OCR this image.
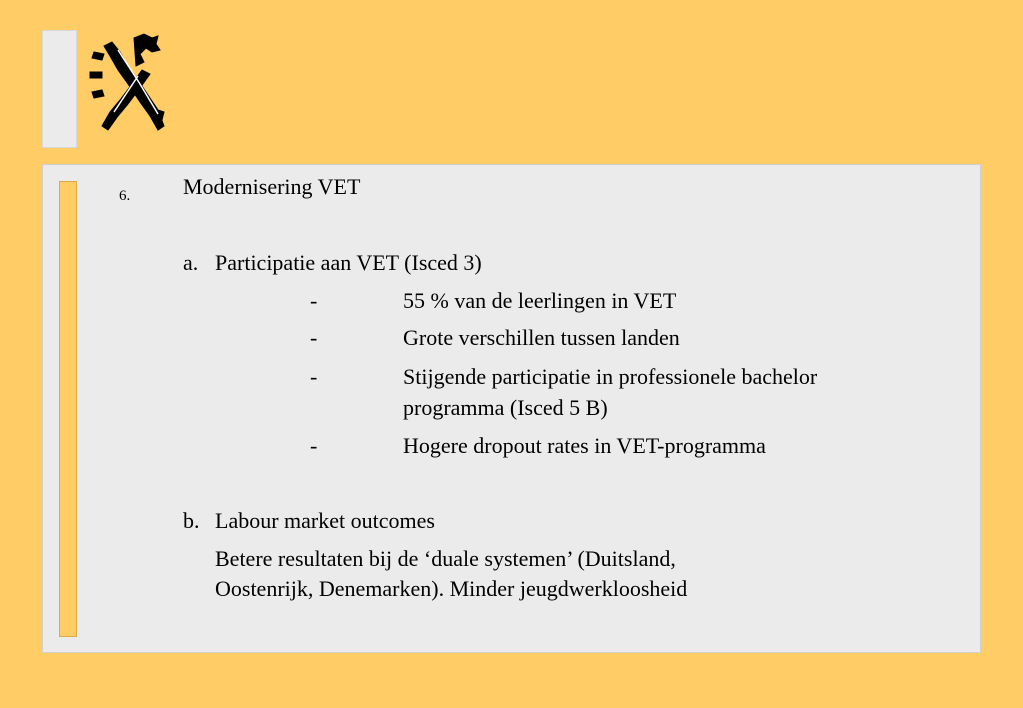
6. Modernisering VET
a. Participatie aan VET (Isced 3)
-	55 % van de leerlingen in VET
-	Grote verschillen tussen landen
-	Stijgende participatie in professionele bachelor
programma (Isced 5 B)
-	Hogere dropout rates in VET-programma
b. Labour market outcomes
Betere resultaten bij de ‘duale systemen’ (Duitsland,
Oostenrijk, Denemarken). Minder jeugdwerkloosheid
